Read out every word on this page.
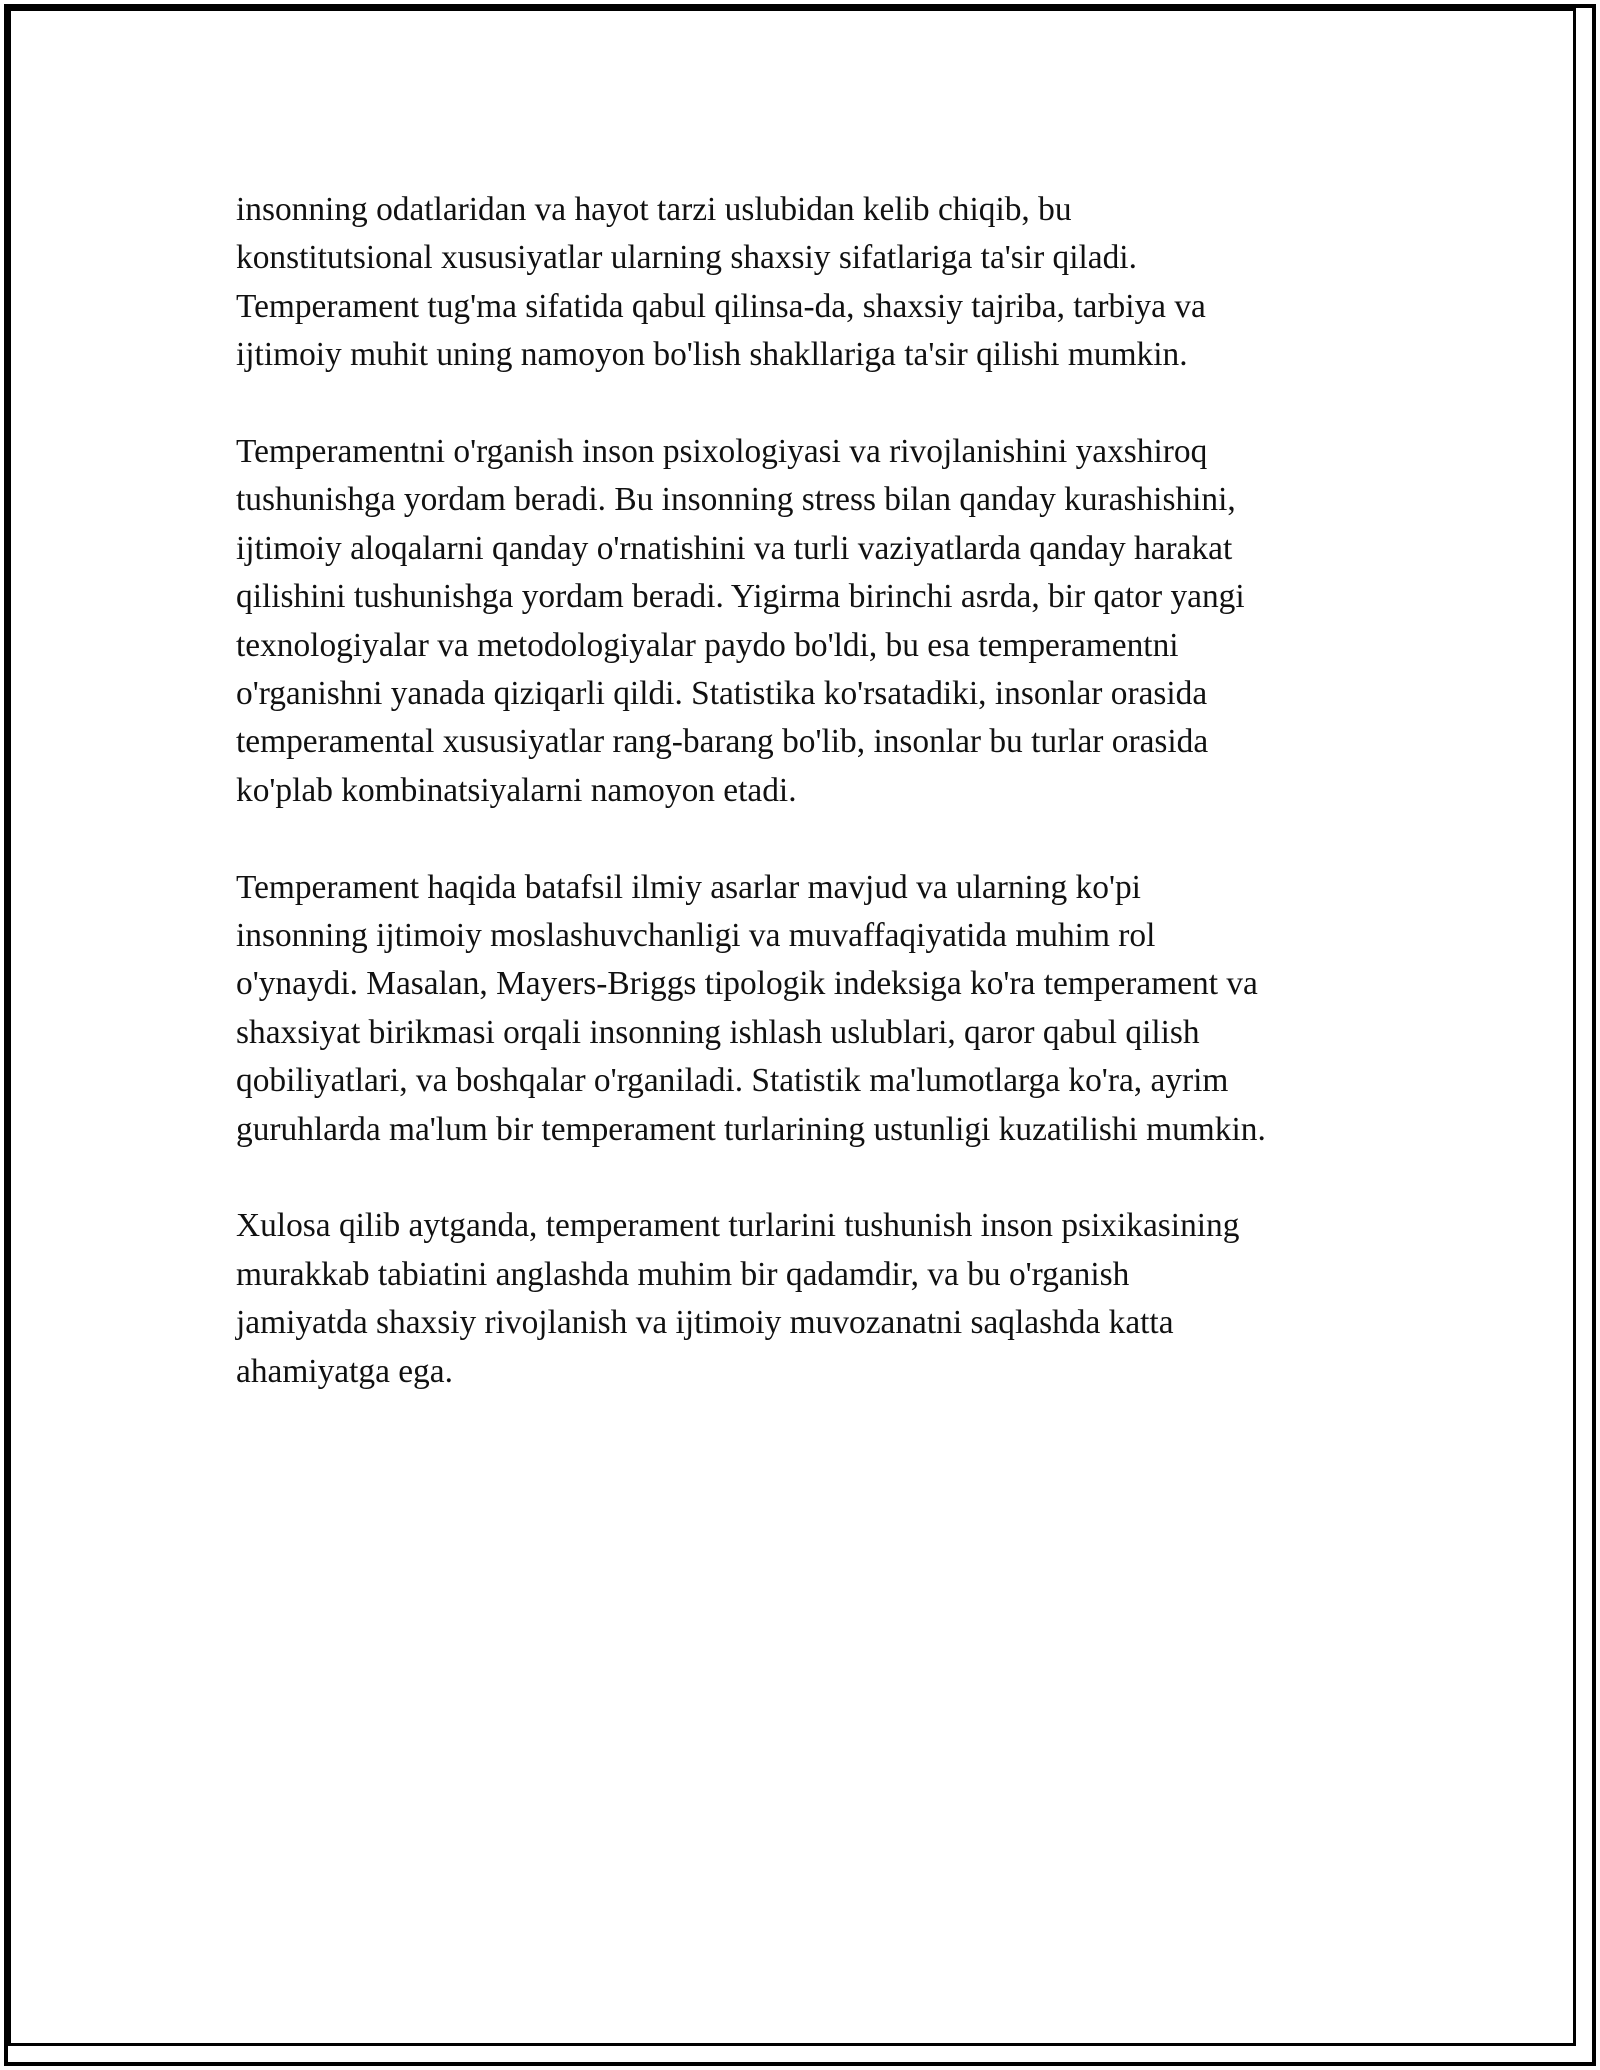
insonning odatlaridan va hayot tarzi uslubidan kelib chiqib, bu
konstitutsional xususiyatlar ularning shaxsiy sifatlariga ta'sir qiladi.
Temperament tug'ma sifatida qabul qilinsa-da, shaxsiy tajriba, tarbiya va
ijtimoiy muhit uning namoyon bo'lish shakllariga ta'sir qilishi mumkin.

Temperamentni o'rganish inson psixologiyasi va rivojlanishini yaxshiroq
tushunishga yordam beradi. Bu insonning stress bilan qanday kurashishini,
ijtimoiy aloqalarni qanday o'rnatishini va turli vaziyatlarda qanday harakat
qilishini tushunishga yordam beradi. Yigirma birinchi asrda, bir qator yangi
texnologiyalar va metodologiyalar paydo bo'ldi, bu esa temperamentni
o'rganishni yanada qiziqarli qildi. Statistika ko'rsatadiki, insonlar orasida
temperamental xususiyatlar rang-barang bo'lib, insonlar bu turlar orasida
ko'plab kombinatsiyalarni namoyon etadi.

Temperament haqida batafsil ilmiy asarlar mavjud va ularning ko'pi
insonning ijtimoiy moslashuvchanligi va muvaffaqiyatida muhim rol
o'ynaydi. Masalan, Mayers-Briggs tipologik indeksiga ko'ra temperament va
shaxsiyat birikmasi orqali insonning ishlash uslublari, qaror qabul qilish
qobiliyatlari, va boshqalar o'rganiladi. Statistik ma'lumotlarga ko'ra, ayrim
guruhlarda ma'lum bir temperament turlarining ustunligi kuzatilishi mumkin.

Xulosa qilib aytganda, temperament turlarini tushunish inson psixikasining
murakkab tabiatini anglashda muhim bir qadamdir, va bu o'rganish
jamiyatda shaxsiy rivojlanish va ijtimoiy muvozanatni saqlashda katta
ahamiyatga ega.
